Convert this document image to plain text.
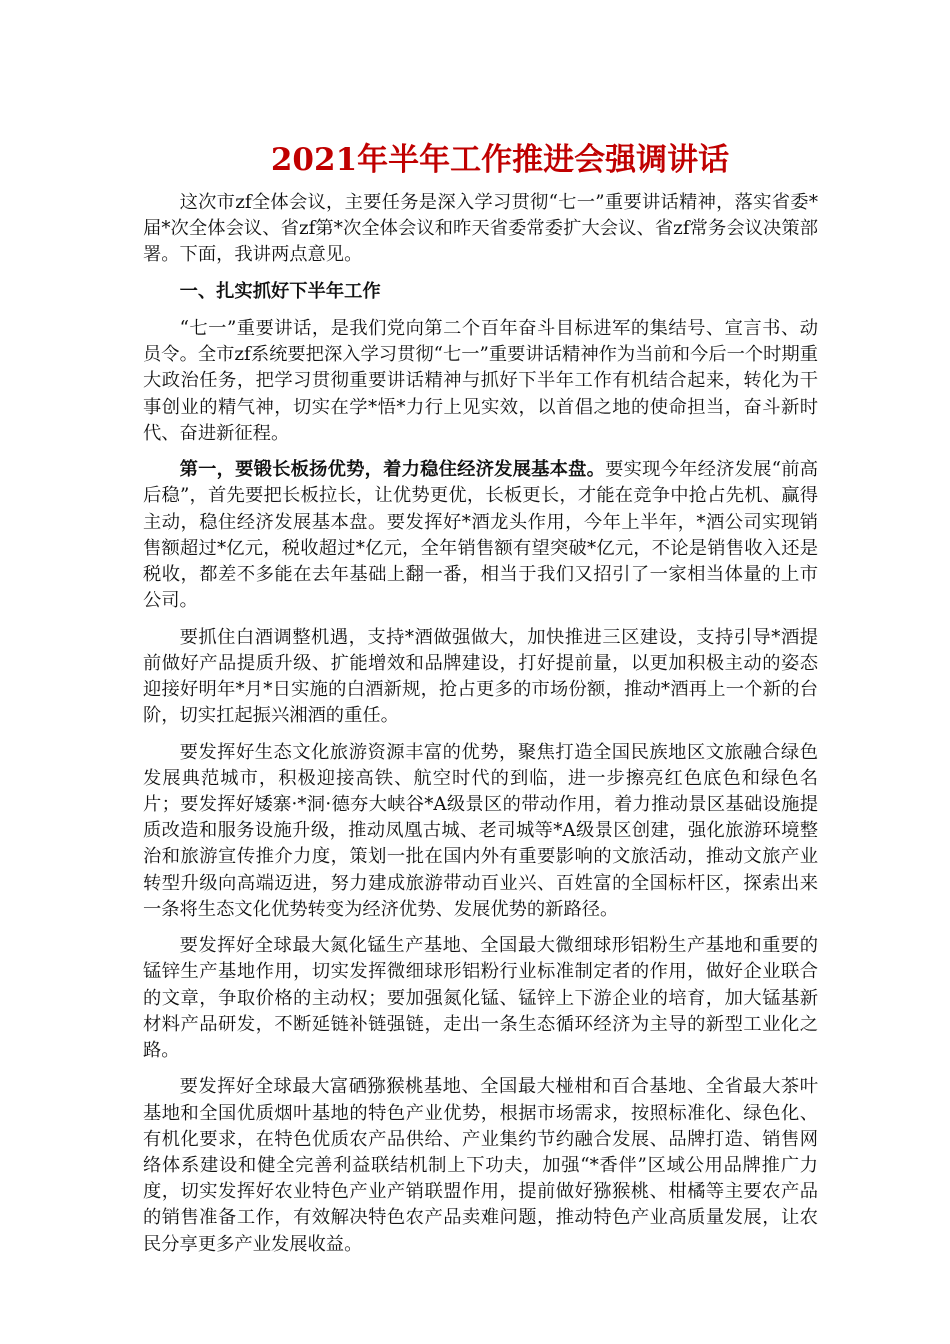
2021年半年工作推进会强调讲话

这次市zf全体会议，主要任务是深入学习贯彻“七一”重要讲话精神，落实省委*届*次全体会议、省zf第*次全体会议和昨天省委常委扩大会议、省zf常务会议决策部署。下面，我讲两点意见。

一、扎实抓好下半年工作

“七一”重要讲话，是我们党向第二个百年奋斗目标进军的集结号、宣言书、动员令。全市zf系统要把深入学习贯彻“七一”重要讲话精神作为当前和今后一个时期重大政治任务，把学习贯彻重要讲话精神与抓好下半年工作有机结合起来，转化为干事创业的精气神，切实在学*悟*力行上见实效，以首倡之地的使命担当，奋斗新时代、奋进新征程。

第一，要锻长板扬优势，着力稳住经济发展基本盘。要实现今年经济发展“前高后稳”，首先要把长板拉长，让优势更优，长板更长，才能在竞争中抢占先机、赢得主动，稳住经济发展基本盘。要发挥好*酒龙头作用，今年上半年，*酒公司实现销售额超过*亿元，税收超过*亿元，全年销售额有望突破*亿元，不论是销售收入还是税收，都差不多能在去年基础上翻一番，相当于我们又招引了一家相当体量的上市公司。

要抓住白酒调整机遇，支持*酒做强做大，加快推进三区建设，支持引导*酒提前做好产品提质升级、扩能增效和品牌建设，打好提前量，以更加积极主动的姿态迎接好明年*月*日实施的白酒新规，抢占更多的市场份额，推动*酒再上一个新的台阶，切实扛起振兴湘酒的重任。

要发挥好生态文化旅游资源丰富的优势，聚焦打造全国民族地区文旅融合绿色发展典范城市，积极迎接高铁、航空时代的到临，进一步擦亮红色底色和绿色名片；要发挥好矮寨·*洞·德夯大峡谷*A级景区的带动作用，着力推动景区基础设施提质改造和服务设施升级，推动凤凰古城、老司城等*A级景区创建，强化旅游环境整治和旅游宣传推介力度，策划一批在国内外有重要影响的文旅活动，推动文旅产业转型升级向高端迈进，努力建成旅游带动百业兴、百姓富的全国标杆区，探索出来一条将生态文化优势转变为经济优势、发展优势的新路径。

要发挥好全球最大氮化锰生产基地、全国最大微细球形铝粉生产基地和重要的锰锌生产基地作用，切实发挥微细球形铝粉行业标准制定者的作用，做好企业联合的文章，争取价格的主动权；要加强氮化锰、锰锌上下游企业的培育，加大锰基新材料产品研发，不断延链补链强链，走出一条生态循环经济为主导的新型工业化之路。

要发挥好全球最大富硒猕猴桃基地、全国最大椪柑和百合基地、全省最大茶叶基地和全国优质烟叶基地的特色产业优势，根据市场需求，按照标准化、绿色化、有机化要求，在特色优质农产品供给、产业集约节约融合发展、品牌打造、销售网络体系建设和健全完善利益联结机制上下功夫，加强“*香伴”区域公用品牌推广力度，切实发挥好农业特色产业产销联盟作用，提前做好猕猴桃、柑橘等主要农产品的销售准备工作，有效解决特色农产品卖难问题，推动特色产业高质量发展，让农民分享更多产业发展收益。
